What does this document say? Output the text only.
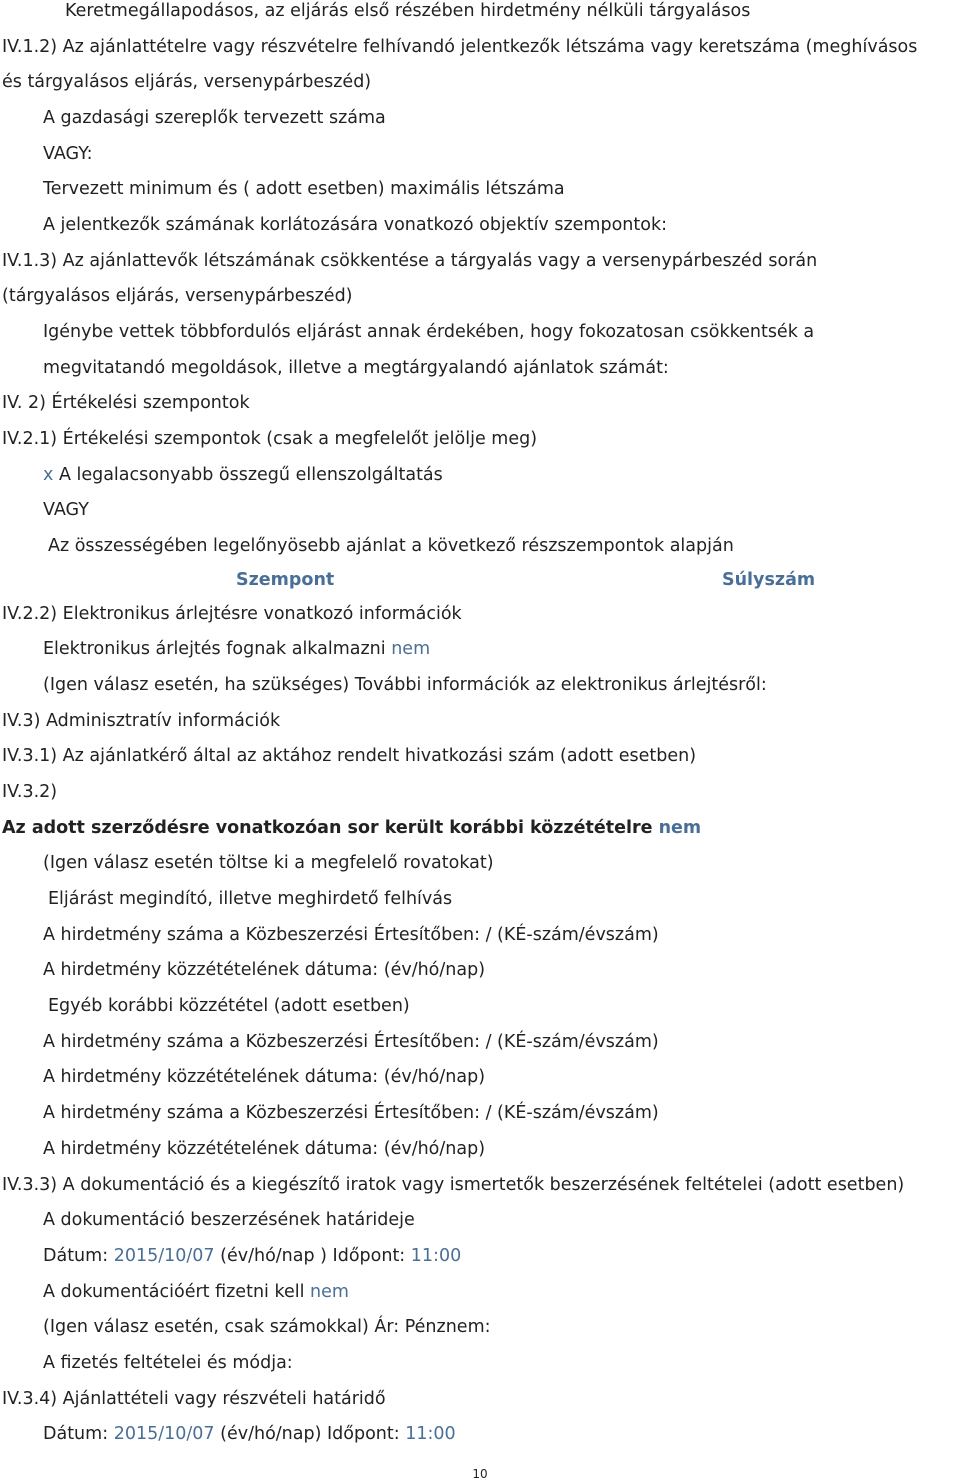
Keretmegállapodásos, az eljárás első részében hirdetmény nélküli tárgyalásos
IV.1.2) Az ajánlattételre vagy részvételre felhívandó jelentkezők létszáma vagy keretszáma (meghívásos
és tárgyalásos eljárás, versenypárbeszéd)
A gazdasági szereplők tervezett száma
VAGY:
Tervezett minimum és ( adott esetben) maximális létszáma
A jelentkezők számának korlátozására vonatkozó objektív szempontok:
IV.1.3) Az ajánlattevők létszámának csökkentése a tárgyalás vagy a versenypárbeszéd során
(tárgyalásos eljárás, versenypárbeszéd)
Igénybe vettek többfordulós eljárást annak érdekében, hogy fokozatosan csökkentsék a
megvitatandó megoldások, illetve a megtárgyalandó ajánlatok számát:
IV. 2) Értékelési szempontok
IV.2.1) Értékelési szempontok (csak a megfelelőt jelölje meg)
x A legalacsonyabb összegű ellenszolgáltatás
VAGY
Az összességében legelőnyösebb ajánlat a következő részszempontok alapján
Szempont	Súlyszám
IV.2.2) Elektronikus árlejtésre vonatkozó információk
Elektronikus árlejtés fognak alkalmazni nem
(Igen válasz esetén, ha szükséges) További információk az elektronikus árlejtésről:
IV.3) Adminisztratív információk
IV.3.1) Az ajánlatkérő által az aktához rendelt hivatkozási szám (adott esetben)
IV.3.2)
Az adott szerződésre vonatkozóan sor került korábbi közzétételre nem
(Igen válasz esetén töltse ki a megfelelő rovatokat)
Eljárást megindító, illetve meghirdető felhívás
A hirdetmény száma a Közbeszerzési Értesítőben: / (KÉ-szám/évszám)
A hirdetmény közzétételének dátuma: (év/hó/nap)
Egyéb korábbi közzététel (adott esetben)
A hirdetmény száma a Közbeszerzési Értesítőben: / (KÉ-szám/évszám)
A hirdetmény közzétételének dátuma: (év/hó/nap)
A hirdetmény száma a Közbeszerzési Értesítőben: / (KÉ-szám/évszám)
A hirdetmény közzétételének dátuma: (év/hó/nap)
IV.3.3) A dokumentáció és a kiegészítő iratok vagy ismertetők beszerzésének feltételei (adott esetben)
A dokumentáció beszerzésének határideje
Dátum: 2015/10/07 (év/hó/nap ) Időpont: 11:00
A dokumentációért fizetni kell nem
(Igen válasz esetén, csak számokkal) Ár: Pénznem:
A fizetés feltételei és módja:
IV.3.4) Ajánlattételi vagy részvételi határidő
Dátum: 2015/10/07 (év/hó/nap) Időpont: 11:00
10
